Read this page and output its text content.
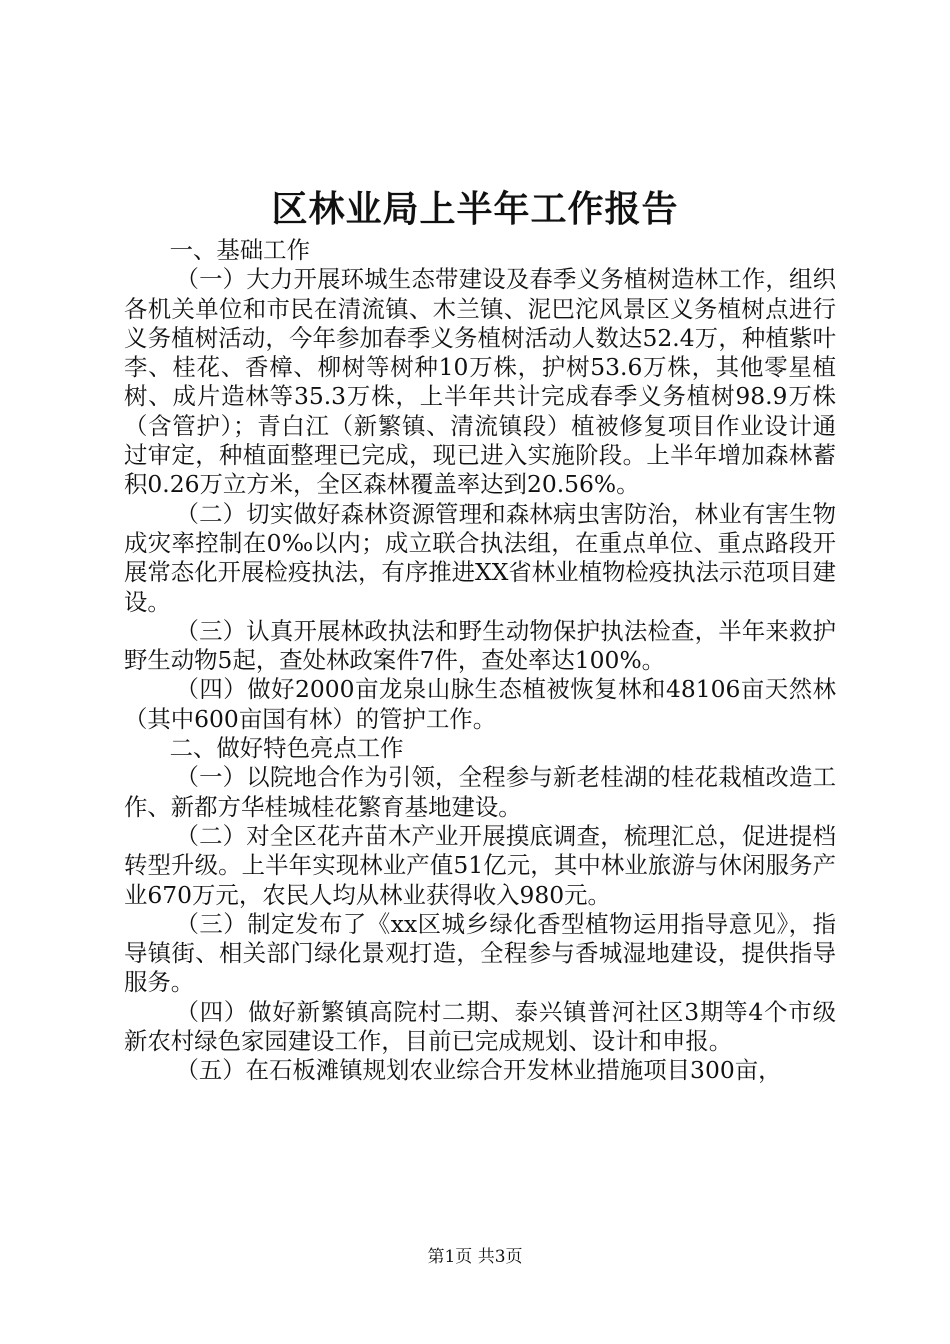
区林业局上半年工作报告

一、基础工作

（一）大力开展环城生态带建设及春季义务植树造林工作，组织各机关单位和市民在清流镇、木兰镇、泥巴沱风景区义务植树点进行义务植树活动，今年参加春季义务植树活动人数达52.4万，种植紫叶李、桂花、香樟、柳树等树种10万株，护树53.6万株，其他零星植树、成片造林等35.3万株，上半年共计完成春季义务植树98.9万株（含管护）；青白江（新繁镇、清流镇段）植被修复项目作业设计通过审定，种植面整理已完成，现已进入实施阶段。上半年增加森林蓄积0.26万立方米，全区森林覆盖率达到20.56%。

（二）切实做好森林资源管理和森林病虫害防治，林业有害生物成灾率控制在0‰以内；成立联合执法组，在重点单位、重点路段开展常态化开展检疫执法，有序推进XX省林业植物检疫执法示范项目建设。

（三）认真开展林政执法和野生动物保护执法检查，半年来救护野生动物5起，查处林政案件7件，查处率达100%。

（四）做好2000亩龙泉山脉生态植被恢复林和48106亩天然林（其中600亩国有林）的管护工作。

二、做好特色亮点工作

（一）以院地合作为引领，全程参与新老桂湖的桂花栽植改造工作、新都方华桂城桂花繁育基地建设。

（二）对全区花卉苗木产业开展摸底调查，梳理汇总，促进提档转型升级。上半年实现林业产值51亿元，其中林业旅游与休闲服务产业670万元，农民人均从林业获得收入980元。

（三）制定发布了《xx区城乡绿化香型植物运用指导意见》，指导镇街、相关部门绿化景观打造，全程参与香城湿地建设，提供指导服务。

（四）做好新繁镇高院村二期、泰兴镇普河社区3期等4个市级新农村绿色家园建设工作，目前已完成规划、设计和申报。

（五）在石板滩镇规划农业综合开发林业措施项目300亩，

第1页 共3页
